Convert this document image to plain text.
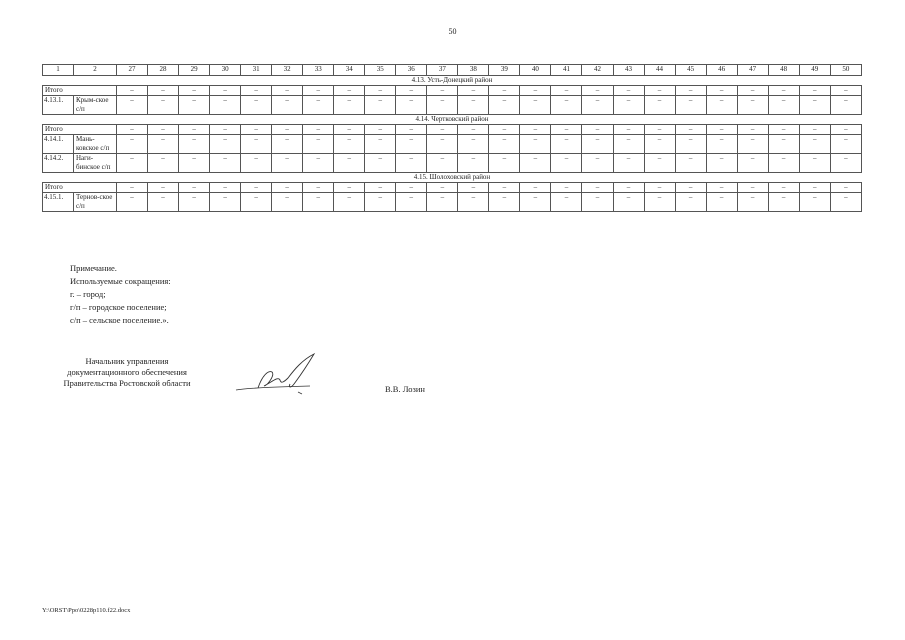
50
1	2	27	28	29	30	31	32	33	34	35	36	37	38	39	40	41	42	43	44	45	46	47	48	49	50
4.13. Усть-Донецкий район																									
Итого		–	–	–	–	–	–	–	–	–	–	–	–	–	–	–	–	–	–	–	–	–	–	–	–
4.13.1.	Крым-ское с/п	–	–	–	–	–	–	–	–	–	–	–	–	–	–	–	–	–	–	–	–	–	–	–	–
4.14. Чертковский район																									
Итого		–	–	–	–	–	–	–	–	–	–	–	–	–	–	–	–	–	–	–	–	–	–	–	–
4.14.1.	Мань-ковское с/п	–	–	–	–	–	–	–	–	–	–	–	–	–	–	–	–	–	–	–	–	–	–	–	–
4.14.2.	Наги-бинское с/п	–	–	–	–	–	–	–	–	–	–	–	–	–	–	–	–	–	–	–	–	–	–	–	–
4.15. Шолоховский район																									
Итого		–	–	–	–	–	–	–	–	–	–	–	–	–	–	–	–	–	–	–	–	–	–	–	–
4.15.1.	Тернов-ское с/п	–	–	–	–	–	–	–	–	–	–	–	–	–	–	–	–	–	–	–	–	–	–	–	–
Примечание.
Используемые сокращения:
г. – город;
г/п – городское поселение;
с/п – сельское поселение.».
Начальник управления
документационного обеспечения
Правительства Ростовской области
В.В. Лозин
Y:\ORST\Ppo\0228p110.f22.docx
